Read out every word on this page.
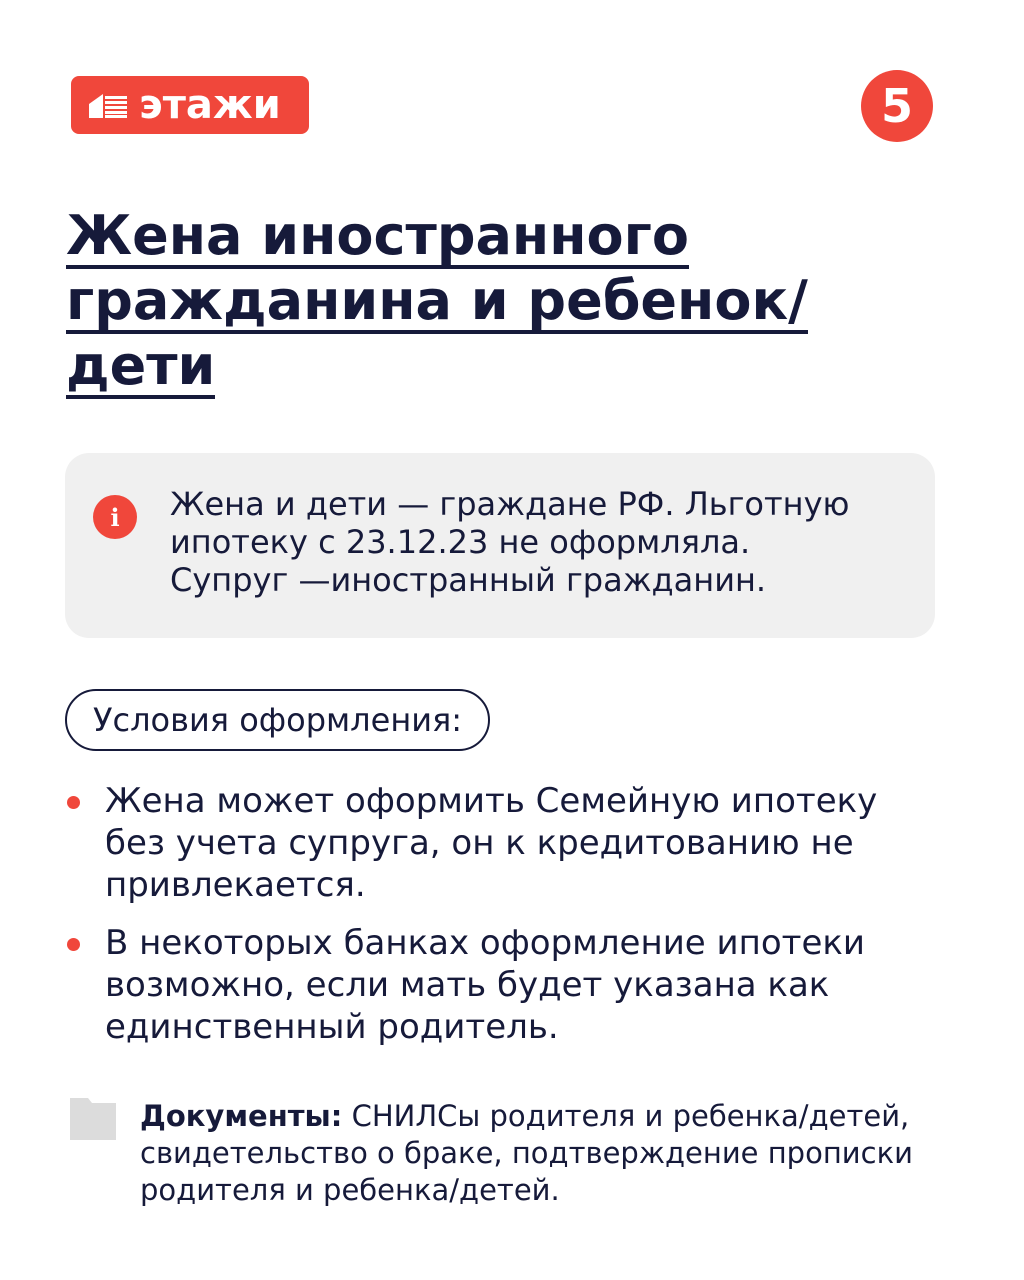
этажи	5
Жена иностранного
гражданина и ребенок/
дети
i	Жена и дети — граждане РФ. Льготную
ипотеку с 23.12.23 не оформляла.
Супруг —иностранный гражданин.
Условия оформления:
Жена может оформить Семейную ипотеку без учета супруга, он к кредитованию не привлекается.
В некоторых банках оформление ипотеки возможно, если мать будет указана как единственный родитель.
Документы: СНИЛСы родителя и ребенка/детей, свидетельство о браке, подтверждение прописки родителя и ребенка/детей.
